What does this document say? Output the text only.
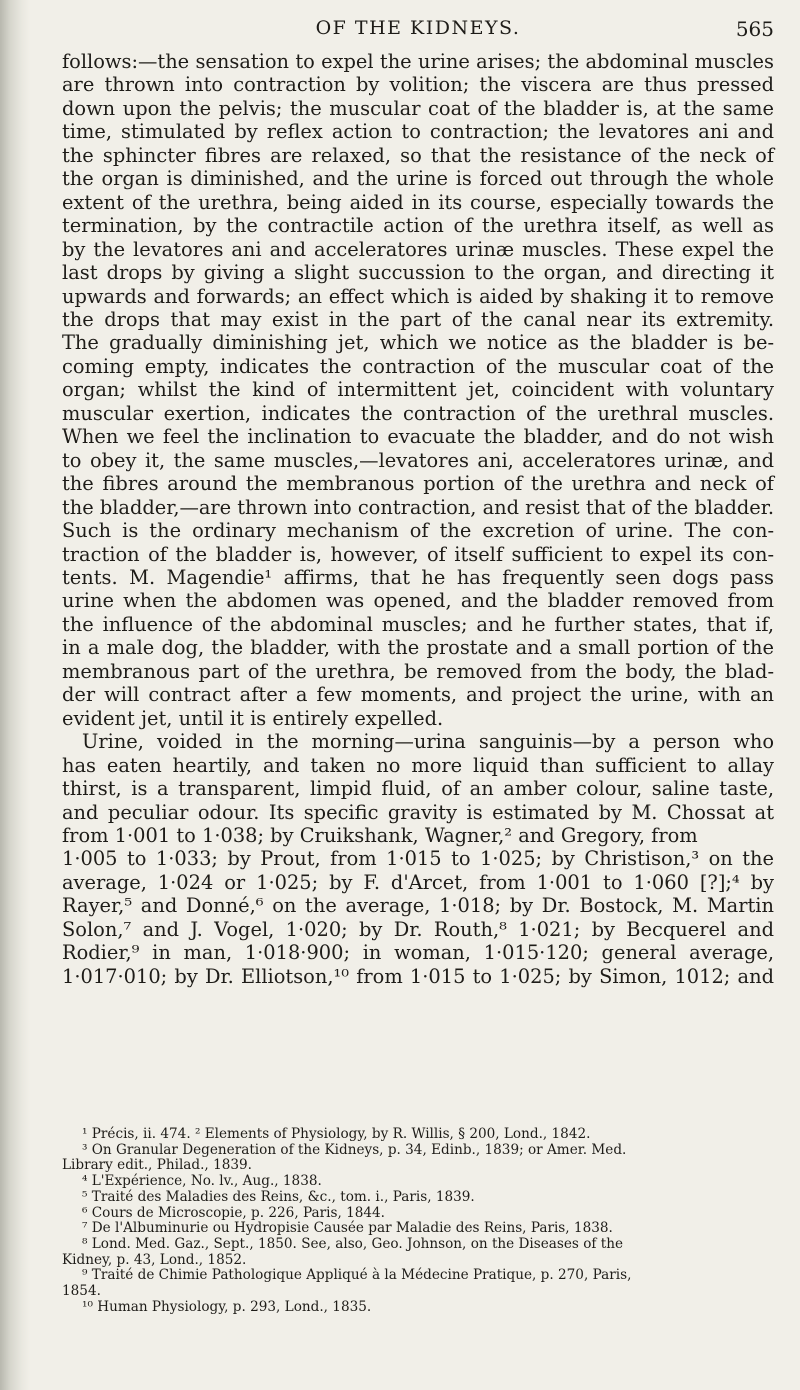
OF THE KIDNEYS.	565
follows:—the sensation to expel the urine arises; the abdominal muscles
are thrown into contraction by volition; the viscera are thus pressed
down upon the pelvis; the muscular coat of the bladder is, at the same
time, stimulated by reflex action to contraction; the levatores ani and
the sphincter fibres are relaxed, so that the resistance of the neck of
the organ is diminished, and the urine is forced out through the whole
extent of the urethra, being aided in its course, especially towards the
termination, by the contractile action of the urethra itself, as well as
by the levatores ani and acceleratores urinæ muscles. These expel the
last drops by giving a slight succussion to the organ, and directing it
upwards and forwards; an effect which is aided by shaking it to remove
the drops that may exist in the part of the canal near its extremity.
The gradually diminishing jet, which we notice as the bladder is be-
coming empty, indicates the contraction of the muscular coat of the
organ; whilst the kind of intermittent jet, coincident with voluntary
muscular exertion, indicates the contraction of the urethral muscles.
When we feel the inclination to evacuate the bladder, and do not wish
to obey it, the same muscles,—levatores ani, acceleratores urinæ, and
the fibres around the membranous portion of the urethra and neck of
the bladder,—are thrown into contraction, and resist that of the bladder.
Such is the ordinary mechanism of the excretion of urine. The con-
traction of the bladder is, however, of itself sufficient to expel its con-
tents. M. Magendie¹ affirms, that he has frequently seen dogs pass
urine when the abdomen was opened, and the bladder removed from
the influence of the abdominal muscles; and he further states, that if,
in a male dog, the bladder, with the prostate and a small portion of the
membranous part of the urethra, be removed from the body, the blad-
der will contract after a few moments, and project the urine, with an
evident jet, until it is entirely expelled.
Urine, voided in the morning—urina sanguinis—by a person who
has eaten heartily, and taken no more liquid than sufficient to allay
thirst, is a transparent, limpid fluid, of an amber colour, saline taste,
and peculiar odour. Its specific gravity is estimated by M. Chossat at
from 1·001 to 1·038; by Cruikshank, Wagner,² and Gregory, from
1·005 to 1·033; by Prout, from 1·015 to 1·025; by Christison,³ on the
average, 1·024 or 1·025; by F. d'Arcet, from 1·001 to 1·060 [?];⁴ by
Rayer,⁵ and Donné,⁶ on the average, 1·018; by Dr. Bostock, M. Martin
Solon,⁷ and J. Vogel, 1·020; by Dr. Routh,⁸ 1·021; by Becquerel and
Rodier,⁹ in man, 1·018·900; in woman, 1·015·120; general average,
1·017·010; by Dr. Elliotson,¹⁰ from 1·015 to 1·025; by Simon, 1012; and
¹ Précis, ii. 474. ² Elements of Physiology, by R. Willis, § 200, Lond., 1842.
³ On Granular Degeneration of the Kidneys, p. 34, Edinb., 1839; or Amer. Med.
Library edit., Philad., 1839.
⁴ L'Expérience, No. lv., Aug., 1838.
⁵ Traité des Maladies des Reins, &c., tom. i., Paris, 1839.
⁶ Cours de Microscopie, p. 226, Paris, 1844.
⁷ De l'Albuminurie ou Hydropisie Causée par Maladie des Reins, Paris, 1838.
⁸ Lond. Med. Gaz., Sept., 1850. See, also, Geo. Johnson, on the Diseases of the
Kidney, p. 43, Lond., 1852.
⁹ Traité de Chimie Pathologique Appliqué à la Médecine Pratique, p. 270, Paris,
1854.
¹⁰ Human Physiology, p. 293, Lond., 1835.
